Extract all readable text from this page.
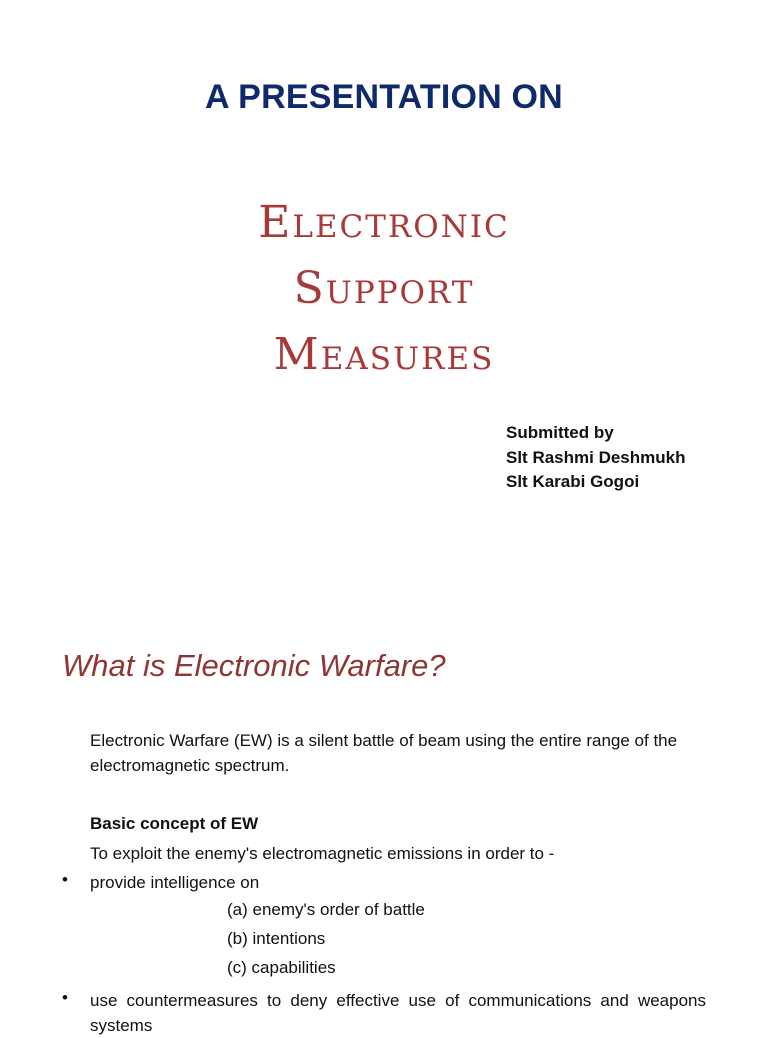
A PRESENTATION ON
Electronic
Support
Measures
Submitted by
Slt Rashmi Deshmukh
Slt Karabi Gogoi
What is Electronic Warfare?
Electronic Warfare (EW) is a silent battle of beam using the entire range of the electromagnetic spectrum.
Basic concept of EW
To exploit the enemy's electromagnetic emissions in order to -
• provide intelligence on
(a) enemy's order of battle
(b) intentions
(c) capabilities
• use countermeasures to deny effective use of communications and weapons systems
